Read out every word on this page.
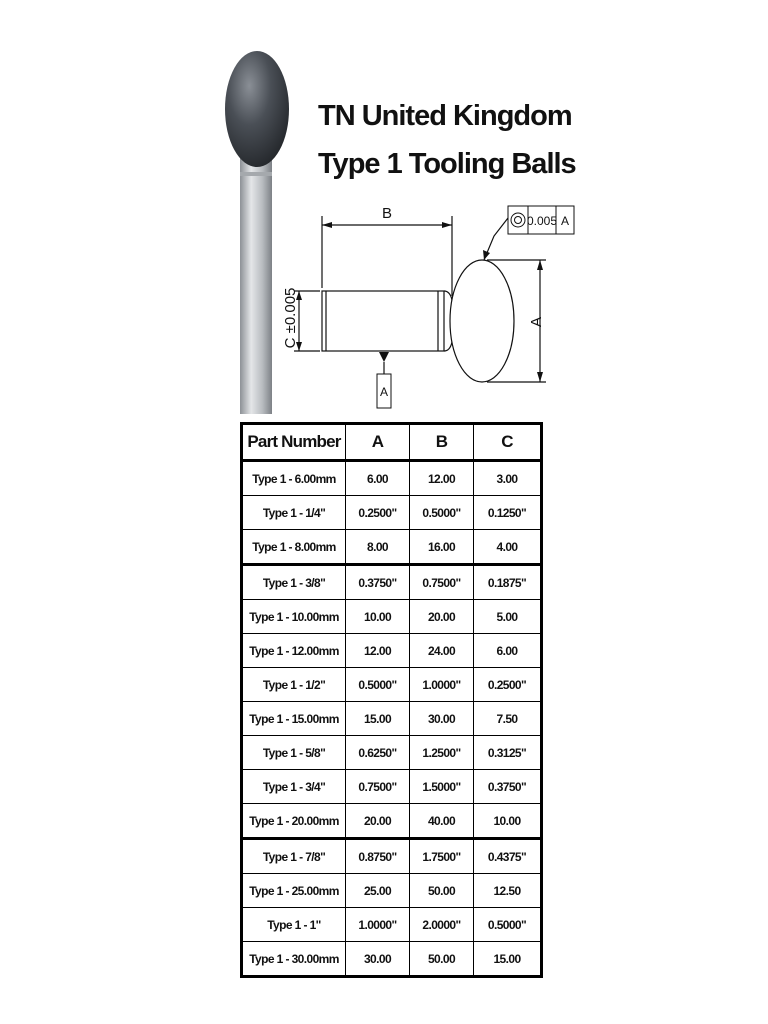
TN United Kingdom
Type 1 Tooling Balls
0.005 A
B
A
A
C ±0.005
Part Number	A	B	C
Type 1 - 6.00mm	6.00	12.00	3.00
Type 1 - 1/4"	0.2500"	0.5000"	0.1250"
Type 1 - 8.00mm	8.00	16.00	4.00
Type 1 - 3/8"	0.3750"	0.7500"	0.1875"
Type 1 - 10.00mm	10.00	20.00	5.00
Type 1 - 12.00mm	12.00	24.00	6.00
Type 1 - 1/2"	0.5000"	1.0000"	0.2500"
Type 1 - 15.00mm	15.00	30.00	7.50
Type 1 - 5/8"	0.6250"	1.2500"	0.3125"
Type 1 - 3/4"	0.7500"	1.5000"	0.3750"
Type 1 - 20.00mm	20.00	40.00	10.00
Type 1 - 7/8"	0.8750"	1.7500"	0.4375"
Type 1 - 25.00mm	25.00	50.00	12.50
Type 1 - 1"	1.0000"	2.0000"	0.5000"
Type 1 - 30.00mm	30.00	50.00	15.00
